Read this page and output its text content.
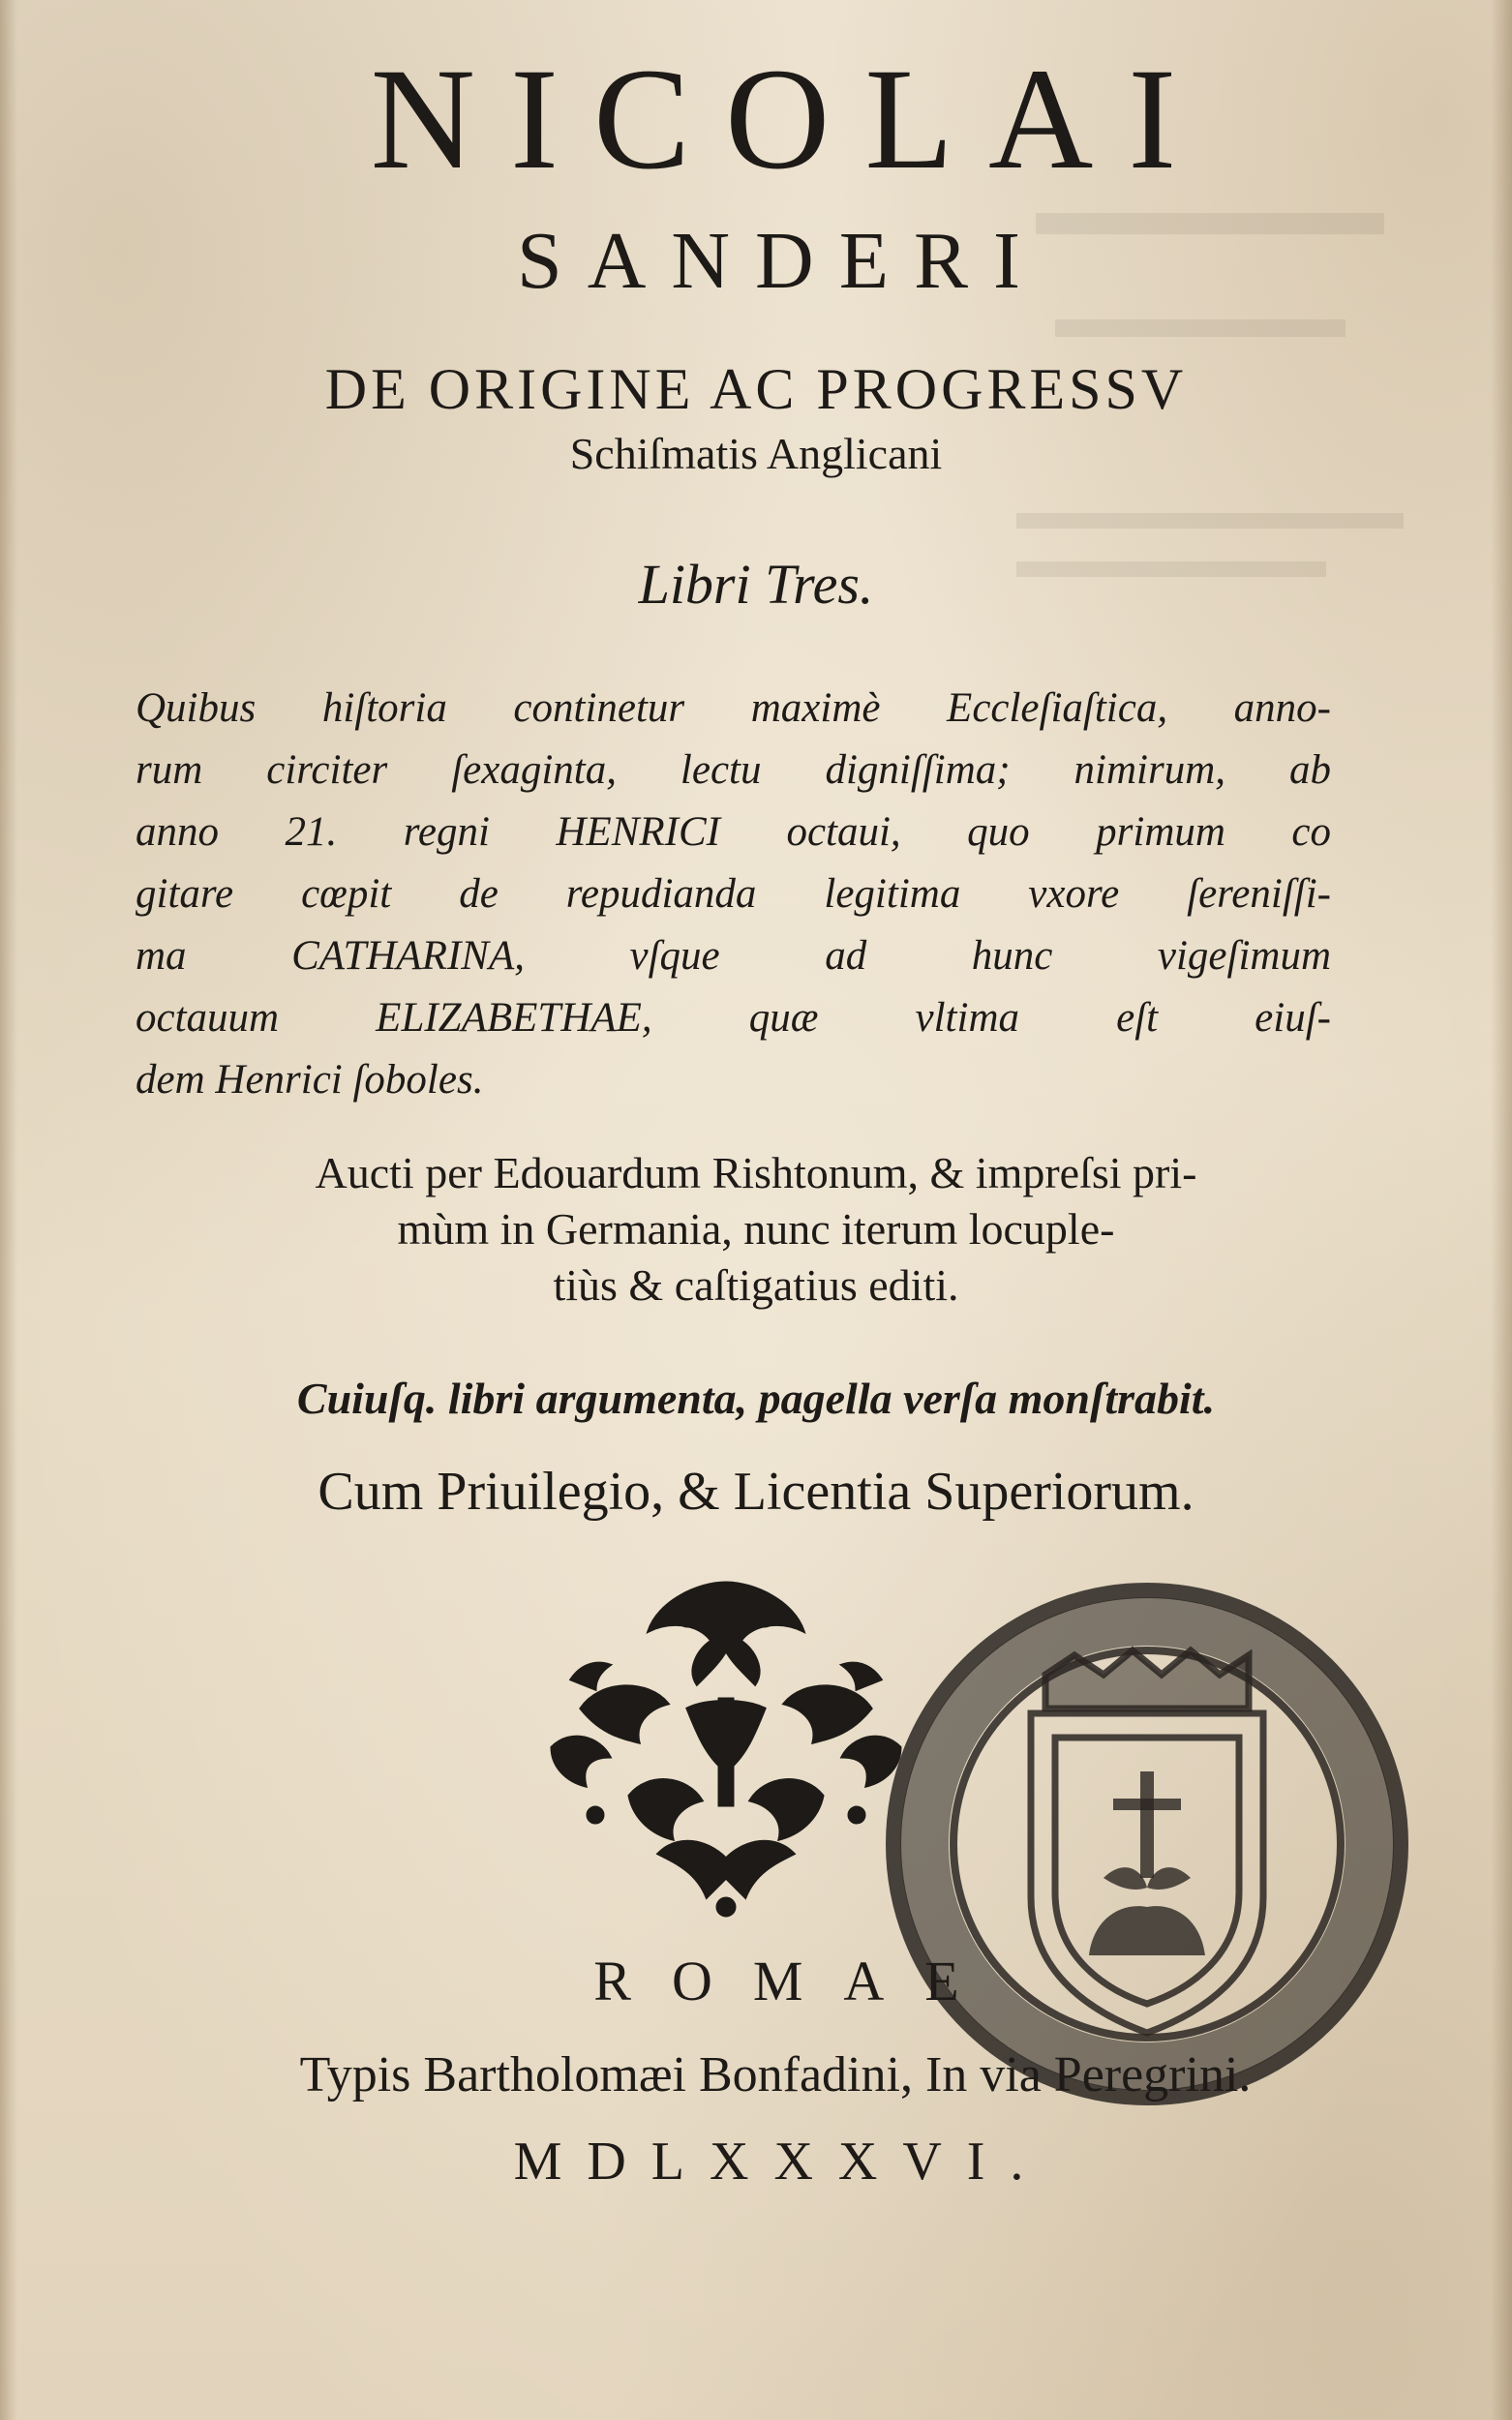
NICOLAI
SANDERI
DE ORIGINE AC PROGRESSV
Schiſmatis Anglicani
Libri Tres.
Quibus hiſtoria continetur maximè Eccleſiaſtica, anno-
rum circiter ſexaginta, lectu digniſſima; nimirum, ab
anno 21. regni HENRICI octaui, quo primum co
gitare cœpit de repudianda legitima vxore ſereniſſi-
ma CATHARINA, vſque ad hunc vigeſimum
octauum ELIZABETHAE, quæ vltima eſt eiuſ-
dem Henrici ſoboles.
Aucti per Edouardum Rishtonum, & impreſsi pri-
mùm in Germania, nunc iterum locuple-
tiùs & caſtigatius editi.
Cuiuſq. libri argumenta, pagella verſa monſtrabit.
Cum Priuilegio, & Licentia Superiorum.
ROMAE
Typis Bartholomæi Bonfadini, In via Peregrini.
MDLXXXVI.
